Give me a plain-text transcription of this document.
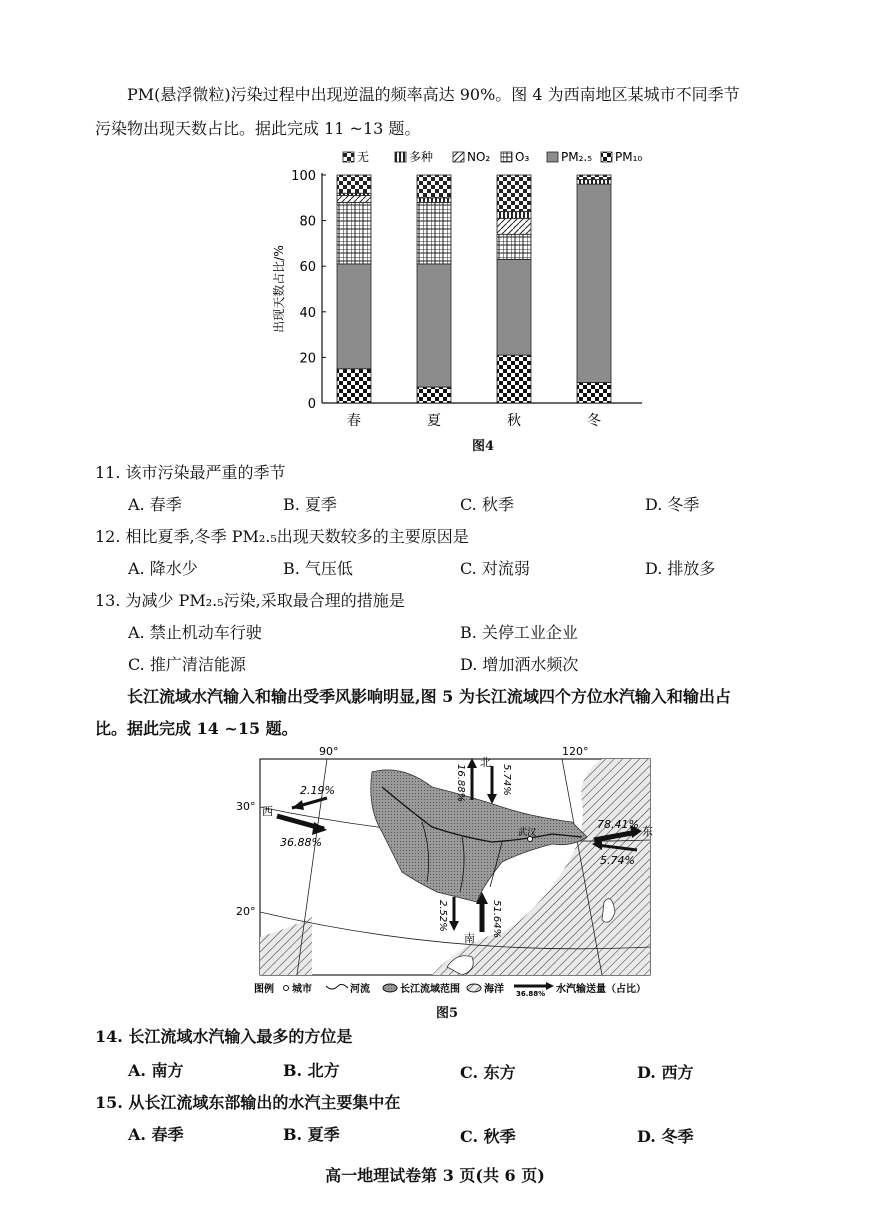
PM(悬浮微粒)污染过程中出现逆温的频率高达 90%。图 4 为西南地区某城市不同季节
污染物出现天数占比。据此完成 11 ~13 题。
无	多种	NO₂ O₃	PM₂.₅ PM₁₀
0
20
40
60
80
100
出现天数占比/%
春	夏	秋	冬
图4
11. 该市污染最严重的季节
A. 春季	B. 夏季	C. 秋季	D. 冬季
12. 相比夏季,冬季 PM₂.₅出现天数较多的主要原因是
A. 降水少	B. 气压低	C. 对流弱	D. 排放多
13. 为减少 PM₂.₅污染,采取最合理的措施是
A. 禁止机动车行驶	B. 关停工业企业
C. 推广清洁能源	D. 增加洒水频次
长江流域水汽输入和输出受季风影响明显,图 5 为长江流域四个方位水汽输入和输出占
比。据此完成 14 ~15 题。
90°	120°
30°
20°
武汉
西
2.19%
36.88%
北
16.88%	5.74%
南
2.52%	51.64%
78.41%
东
5.74%
图例 城市	河流	长江流域范围 海洋 36.88% 水汽输送量（占比）
图5
14. 长江流域水汽输入最多的方位是
A. 南方	B. 北方	C. 东方	D. 西方
15. 从长江流域东部输出的水汽主要集中在
A. 春季	B. 夏季	C. 秋季	D. 冬季
高一地理试卷第 3 页(共 6 页)
